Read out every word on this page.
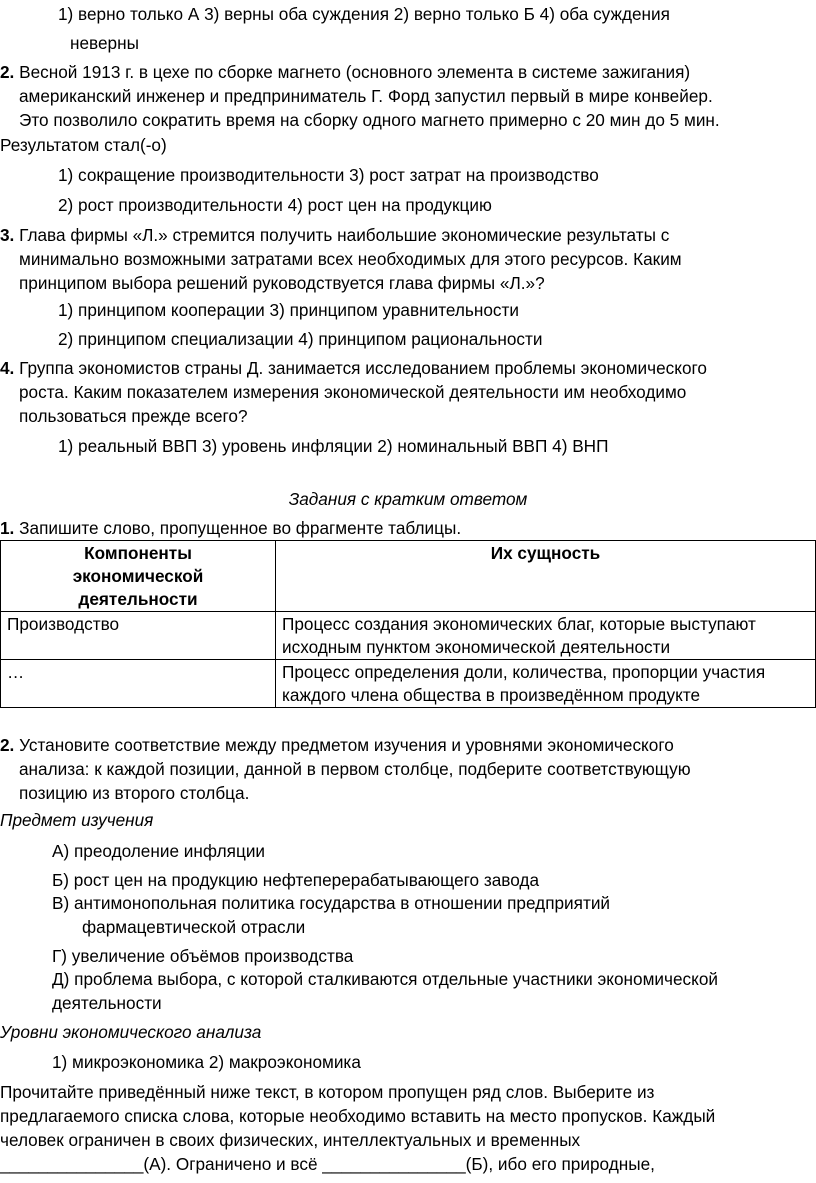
1) верно только А 3) верны оба суждения 2) верно только Б 4) оба суждения
неверны
2. Весной 1913 г. в цехе по сборке магнето (основного элемента в системе зажигания)
американский инженер и предприниматель Г. Форд запустил первый в мире конвейер.
Это позволило сократить время на сборку одного магнето примерно с 20 мин до 5 мин.
Результатом стал(-о)
1) сокращение производительности 3) рост затрат на производство
2) рост производительности 4) рост цен на продукцию
3. Глава фирмы «Л.» стремится получить наибольшие экономические результаты с
минимально возможными затратами всех необходимых для этого ресурсов. Каким
принципом выбора решений руководствуется глава фирмы «Л.»?
1) принципом кооперации 3) принципом уравнительности
2) принципом специализации 4) принципом рациональности
4. Группа экономистов страны Д. занимается исследованием проблемы экономического
роста. Каким показателем измерения экономической деятельности им необходимо
пользоваться прежде всего?
1) реальный ВВП 3) уровень инфляции 2) номинальный ВВП 4) ВНП
Задания с кратким ответом
1. Запишите слово, пропущенное во фрагменте таблицы.
Компоненты
экономической
деятельности	Их сущность
Производство	Процесс создания экономических благ, которые выступают исходным пунктом экономической деятельности
…	Процесс определения доли, количества, пропорции участия каждого члена общества в произведённом продукте
2. Установите соответствие между предметом изучения и уровнями экономического
анализа: к каждой позиции, данной в первом столбце, подберите соответствующую
позицию из второго столбца.
Предмет изучения
А) преодоление инфляции
Б) рост цен на продукцию нефтеперерабатывающего завода
В) антимонопольная политика государства в отношении предприятий
фармацевтической отрасли
Г) увеличение объёмов производства
Д) проблема выбора, с которой сталкиваются отдельные участники экономической
деятельности
Уровни экономического анализа
1) микроэкономика 2) макроэкономика
Прочитайте приведённый ниже текст, в котором пропущен ряд слов. Выберите из
предлагаемого списка слова, которые необходимо вставить на место пропусков. Каждый
человек ограничен в своих физических, интеллектуальных и временных
_______________(А). Ограничено и всё _______________(Б), ибо его природные,
